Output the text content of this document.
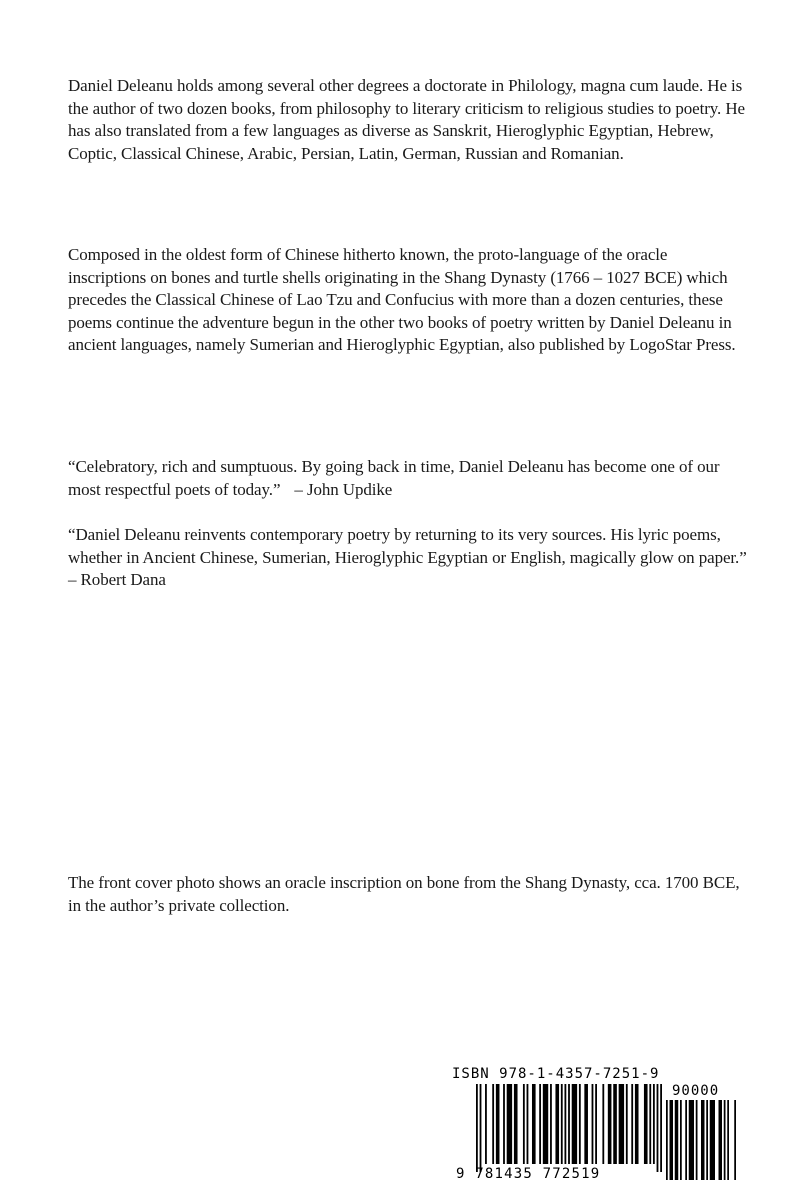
Daniel Deleanu holds among several other degrees a doctorate in Philology, magna cum laude. He is the author of two dozen books, from philosophy to literary criticism to religious studies to poetry. He has also translated from a few languages as diverse as Sanskrit, Hieroglyphic Egyptian, Hebrew, Coptic, Classical Chinese, Arabic, Persian, Latin, German, Russian and Romanian.
Composed in the oldest form of Chinese hitherto known, the proto-language of the oracle inscriptions on bones and turtle shells originating in the Shang Dynasty (1766 – 1027 BCE) which precedes the Classical Chinese of Lao Tzu and Confucius with more than a dozen centuries, these poems continue the adventure begun in the other two books of poetry written by Daniel Deleanu in ancient languages, namely Sumerian and Hieroglyphic Egyptian, also published by LogoStar Press.
“Celebratory, rich and sumptuous. By going back in time, Daniel Deleanu has become one of our most respectful poets of today.” – John Updike
“Daniel Deleanu reinvents contemporary poetry by returning to its very sources. His lyric poems, whether in Ancient Chinese, Sumerian, Hieroglyphic Egyptian or English, magically glow on paper.” – Robert Dana
The front cover photo shows an oracle inscription on bone from the Shang Dynasty, cca. 1700 BCE, in the author’s private collection.
ISBN 978-1-4357-7251-9
9 781435 772519
90000
